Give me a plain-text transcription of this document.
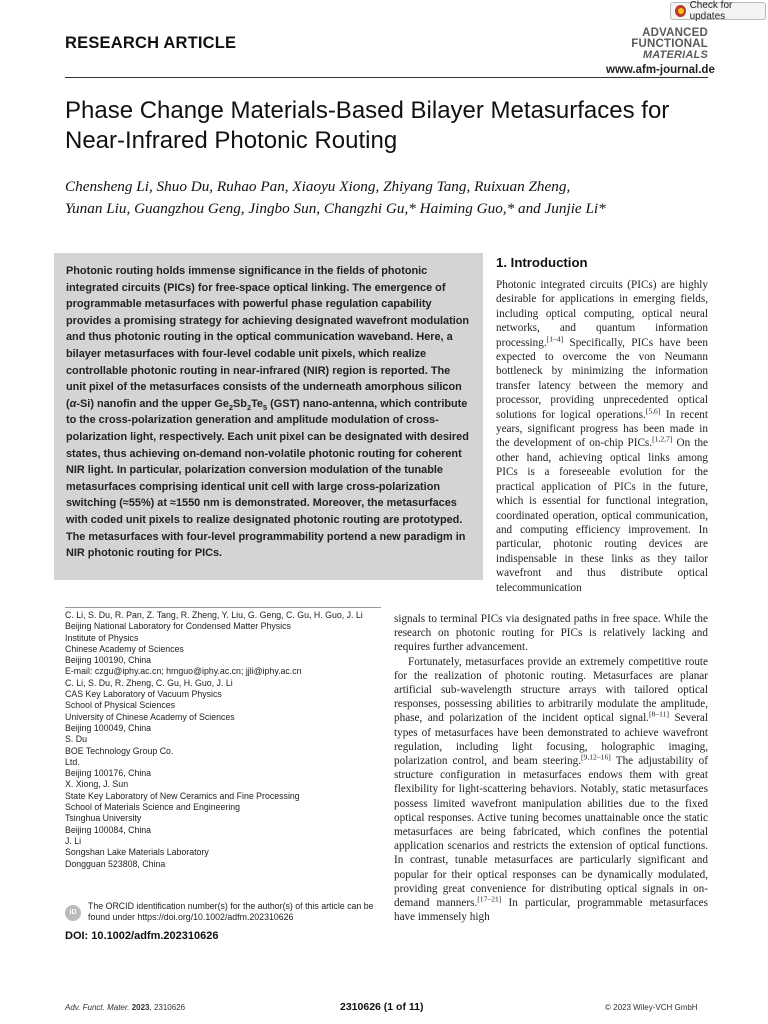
Check for updates
RESEARCH ARTICLE
ADVANCED
FUNCTIONAL
MATERIALS
www.afm-journal.de
Phase Change Materials-Based Bilayer Metasurfaces for Near-Infrared Photonic Routing
Chensheng Li, Shuo Du, Ruhao Pan, Xiaoyu Xiong, Zhiyang Tang, Ruixuan Zheng,
Yunan Liu, Guangzhou Geng, Jingbo Sun, Changzhi Gu,* Haiming Guo,* and Junjie Li*
Photonic routing holds immense significance in the fields of photonic integrated circuits (PICs) for free-space optical linking. The emergence of programmable metasurfaces with powerful phase regulation capability provides a promising strategy for achieving designated wavefront modulation and thus photonic routing in the optical communication waveband. Here, a bilayer metasurfaces with four-level codable unit pixels, which realize controllable photonic routing in near-infrared (NIR) region is reported. The unit pixel of the metasurfaces consists of the underneath amorphous silicon (α-Si) nanofin and the upper $Ge_2Sb_2Te_5$ (GST) nano-antenna, which contribute to the cross-polarization generation and amplitude modulation of cross-polarization light, respectively. Each unit pixel can be designated with desired states, thus achieving on-demand non-volatile photonic routing for coherent NIR light. In particular, polarization conversion modulation of the tunable metasurfaces comprising identical unit cell with large cross-polarization switching (≈55%) at ≈1550 nm is demonstrated. Moreover, the metasurfaces with coded unit pixels to realize designated photonic routing are prototyped. The metasurfaces with four-level programmability portend a new paradigm in NIR photonic routing for PICs.
1. Introduction

Photonic integrated circuits (PICs) are highly desirable for applications in emerging fields, including optical computing, optical neural networks, and quantum information processing.[1–4] Specifically, PICs have been expected to overcome the von Neumann bottleneck by minimizing the information transfer latency between the memory and processor, providing unprecedented optical solutions for logical operations.[5,6] In recent years, significant progress has been made in the development of on-chip PICs.[1,2,7] On the other hand, achieving optical links among PICs is a foreseeable evolution for the practical application of PICs in the future, which is essential for functional integration, coordinated operation, optical communication, and computing efficiency improvement. In particular, photonic routing devices are indispensable in these links as they tailor wavefront and thus distribute optical telecommunication

signals to terminal PICs via designated paths in free space. While the research on photonic routing for PICs is relatively lacking and requires further advancement.

Fortunately, metasurfaces provide an extremely competitive route for the realization of photonic routing. Metasurfaces are planar artificial sub-wavelength structure arrays with tailored optical responses, possessing abilities to arbitrarily modulate the amplitude, phase, and polarization of the incident optical signal.[8–11] Several types of metasurfaces have been demonstrated to achieve wavefront regulation, including light focusing, holographic imaging, polarization control, and beam steering.[9,12–16] The adjustability of structure configuration in metasurfaces endows them with great flexibility for light-scattering behaviors. Notably, static metasurfaces possess limited wavefront manipulation abilities due to the fixed optical responses. Active tuning becomes unattainable once the static metasurfaces are being fabricated, which confines the potential application scenarios and restricts the extension of optical functions. In contrast, tunable metasurfaces are particularly significant and popular for their optical responses can be dynamically modulated, providing great convenience for distributing optical signals in on-demand manners.[17–21] In particular, programmable metasurfaces have immensely high

C. Li, S. Du, R. Pan, Z. Tang, R. Zheng, Y. Liu, G. Geng, C. Gu, H. Guo, J. Li
Beijing National Laboratory for Condensed Matter Physics
Institute of Physics
Chinese Academy of Sciences
Beijing 100190, China
E-mail: czgu@iphy.ac.cn; hmguo@iphy.ac.cn; jjli@iphy.ac.cn
C. Li, S. Du, R. Zheng, C. Gu, H. Guo, J. Li
CAS Key Laboratory of Vacuum Physics
School of Physical Sciences
University of Chinese Academy of Sciences
Beijing 100049, China
S. Du
BOE Technology Group Co.
Ltd.
Beijing 100176, China
X. Xiong, J. Sun
State Key Laboratory of New Ceramics and Fine Processing
School of Materials Science and Engineering
Tsinghua University
Beijing 100084, China
J. Li
Songshan Lake Materials Laboratory
Dongguan 523808, China
iD
The ORCID identification number(s) for the author(s) of this article can be found under https://doi.org/10.1002/adfm.202310626
DOI: 10.1002/adfm.202310626
Adv. Funct. Mater. 2023, 2310626	2310626 (1 of 11)	© 2023 Wiley-VCH GmbH
